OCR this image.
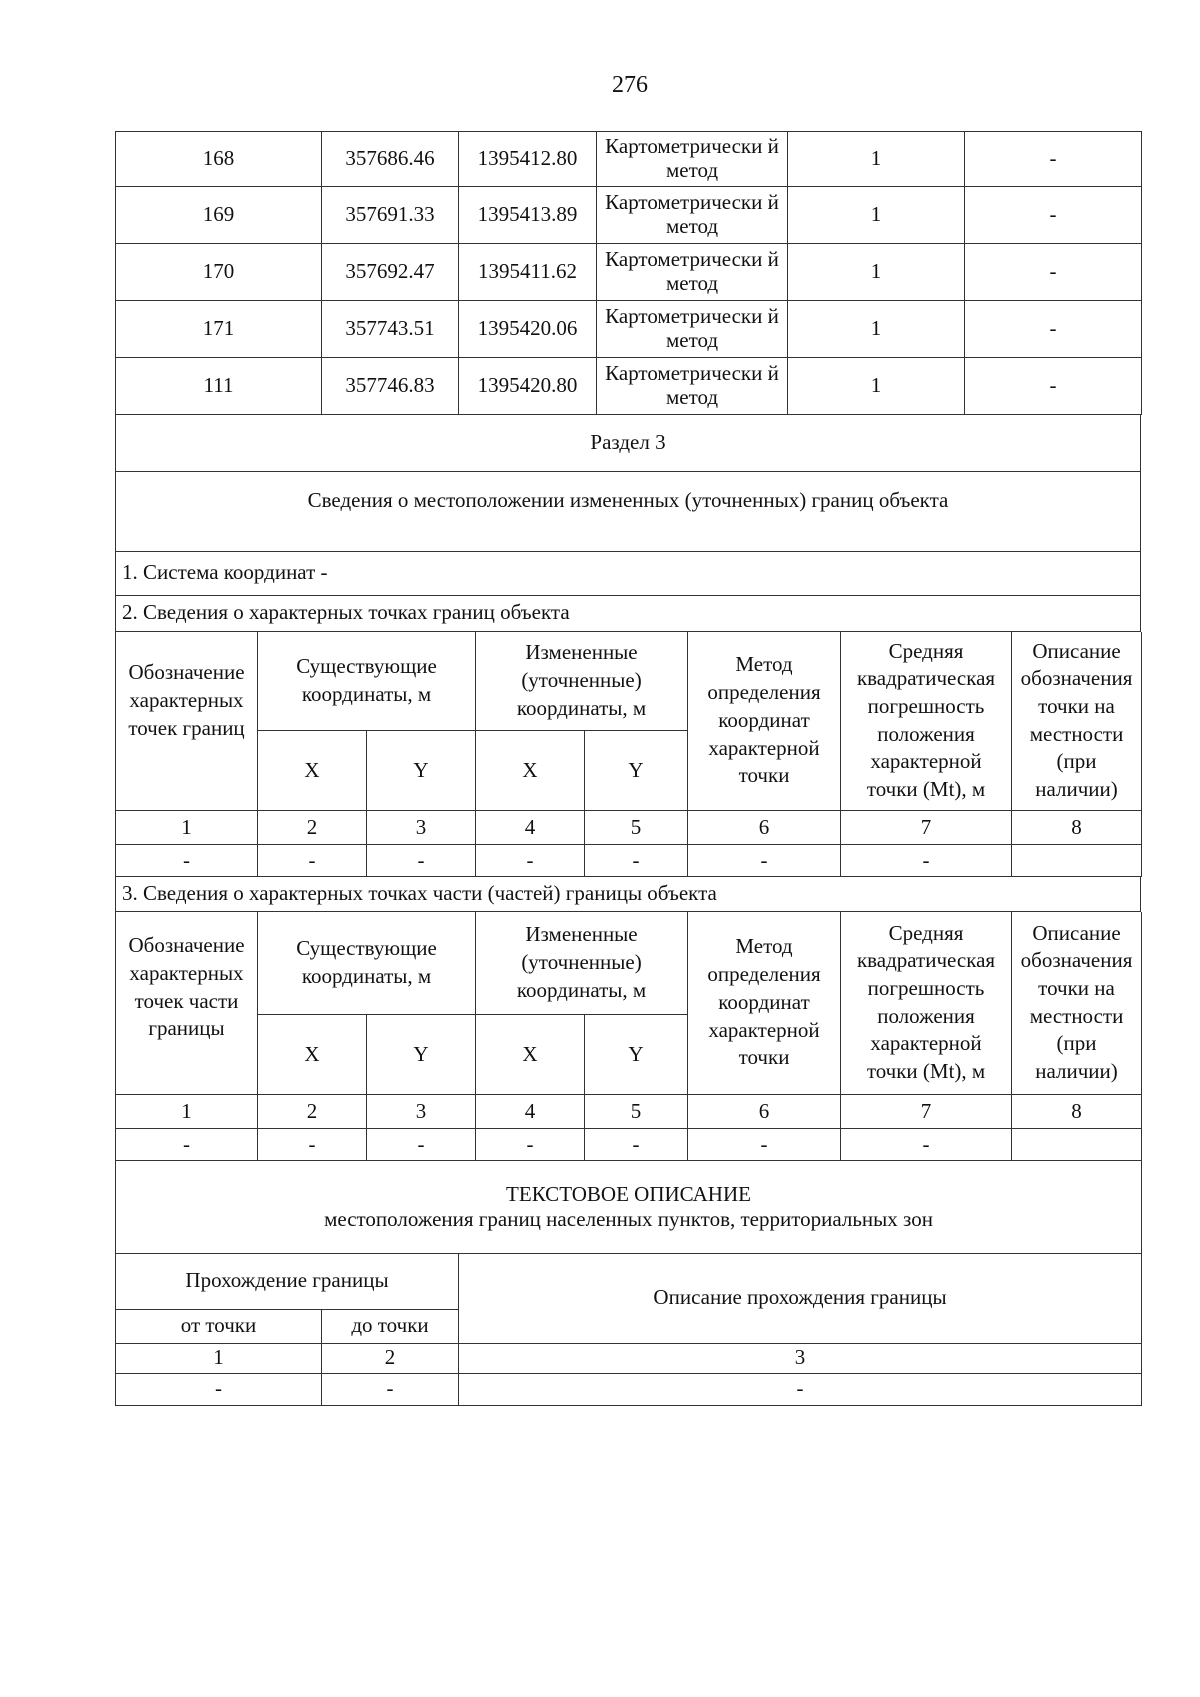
276
168	357686.46	1395412.80	Картометрически й метод	1	-
169	357691.33	1395413.89	Картометрически й метод	1	-
170	357692.47	1395411.62	Картометрически й метод	1	-
171	357743.51	1395420.06	Картометрически й метод	1	-
111	357746.83	1395420.80	Картометрически й метод	1	-
Раздел 3
Сведения о местоположении измененных (уточненных) границ объекта
1. Система координат -
2. Сведения о характерных точках границ объекта
Обозначение характерных точек границ	Существующие координаты, м		Измененные (уточненные) координаты, м		Метод определения координат характерной точки	Средняя квадратическая погрешность положения характерной точки (Mt), м	Описание обозначения точки на местности (при наличии)
	X	Y	X	Y			
1	2	3	4	5	6	7	8
-	-	-	-	-	-	-	
3. Сведения о характерных точках части (частей) границы объекта
Обозначение характерных точек части границы	Существующие координаты, м		Измененные (уточненные) координаты, м		Метод определения координат характерной точки	Средняя квадратическая погрешность положения характерной точки (Mt), м	Описание обозначения точки на местности (при наличии)
	X	Y	X	Y			
1	2	3	4	5	6	7	8
-	-	-	-	-	-	-	
ТЕКСТОВОЕ ОПИСАНИЕ
местоположения границ населенных пунктов, территориальных зон		

Прохождение границы		Описание прохождения границы
от точки	до точки	
1	2	3
-	-	-
